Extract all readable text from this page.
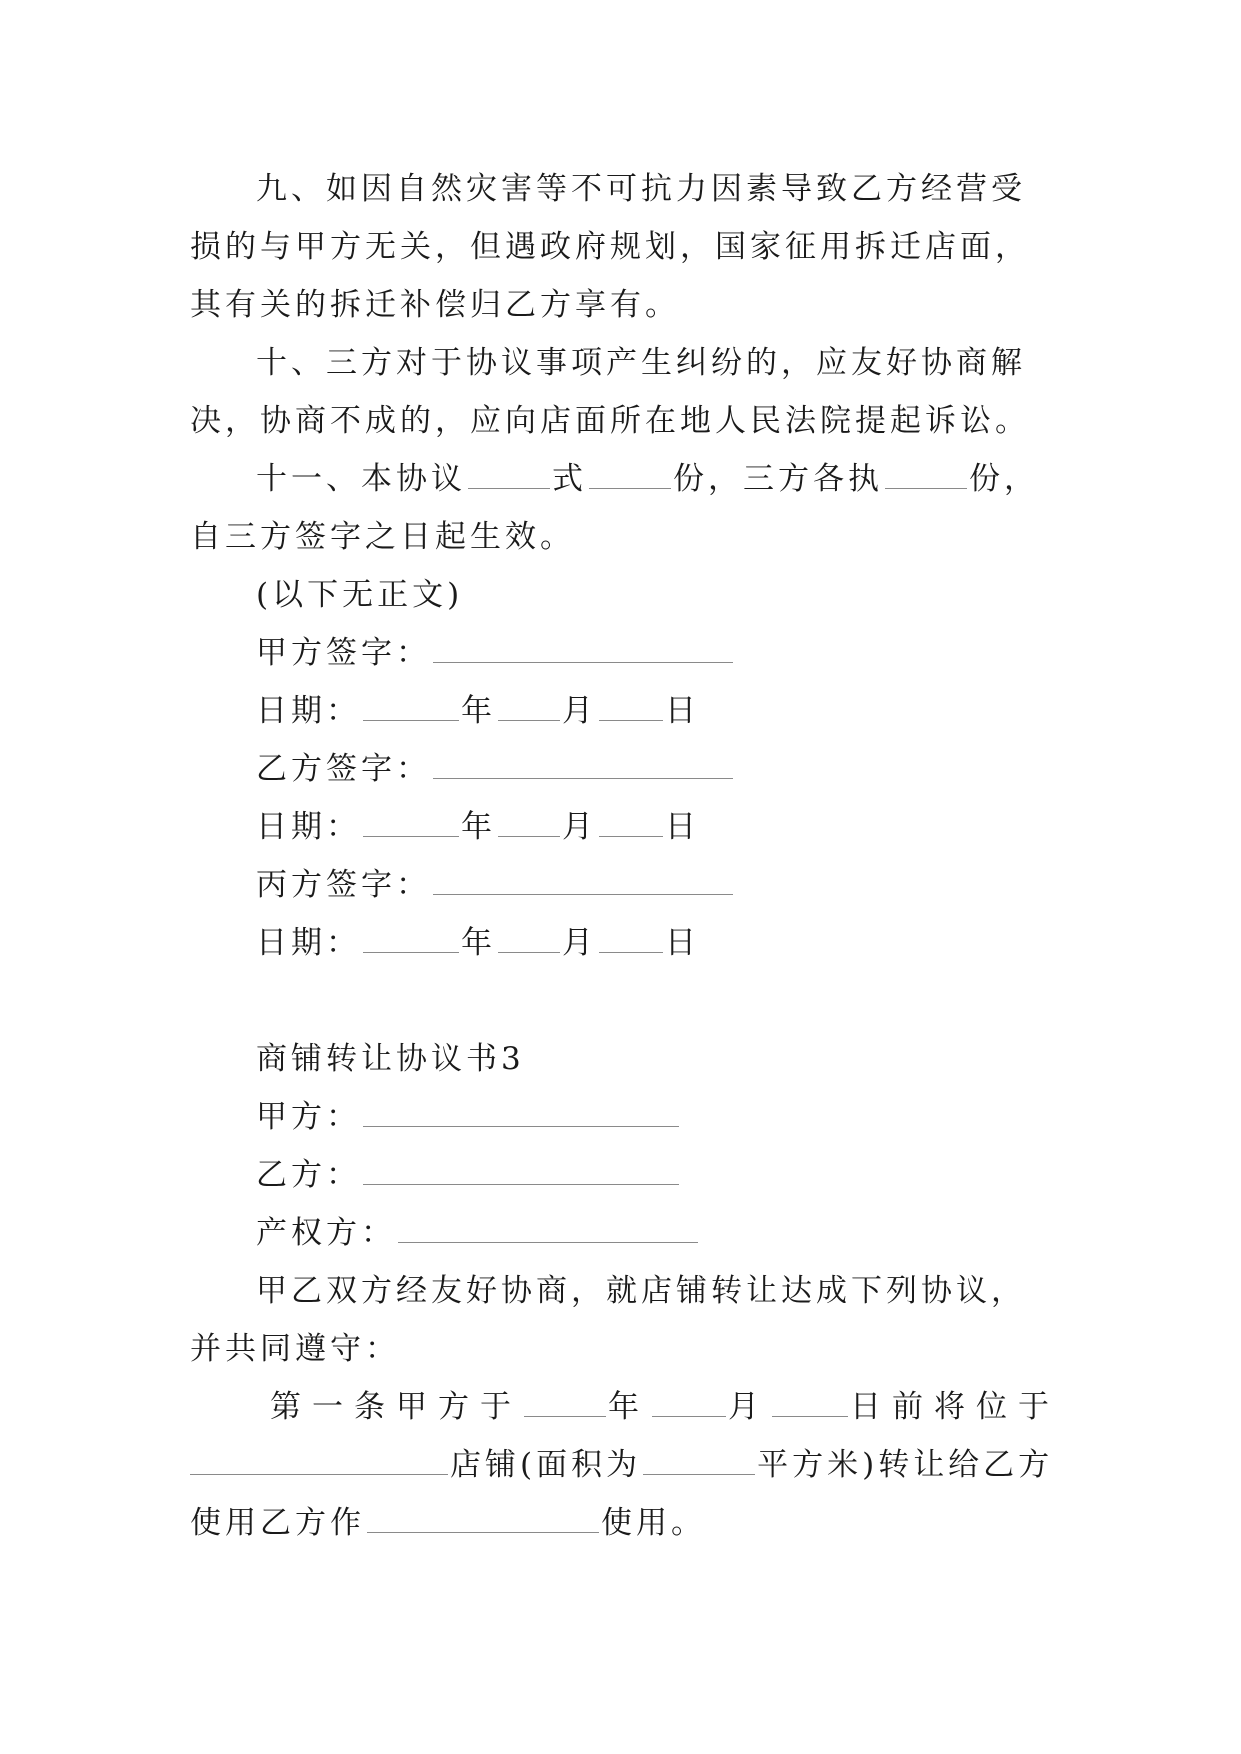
九、如因自然灾害等不可抗力因素导致乙方经营受损的与甲方无关，但遇政府规划，国家征用拆迁店面，其有关的拆迁补偿归乙方享有。

十、三方对于协议事项产生纠纷的，应友好协商解决，协商不成的，应向店面所在地人民法院提起诉讼。

十一、本协议	式	份，三方各执	份，自三方签字之日起生效。

(以下无正文)

甲方签字：

日期：	年 月 日

乙方签字：

日期：	年 月 日

丙方签字：

日期：	年 月 日

商铺转让协议书3

甲方：

乙方：

产权方：

甲乙双方经友好协商，就店铺转让达成下列协议，并共同遵守：

第一条甲方于	年	月	日前将位于

店铺(面积为	平方米)转让给乙方使用乙方作	使用。
